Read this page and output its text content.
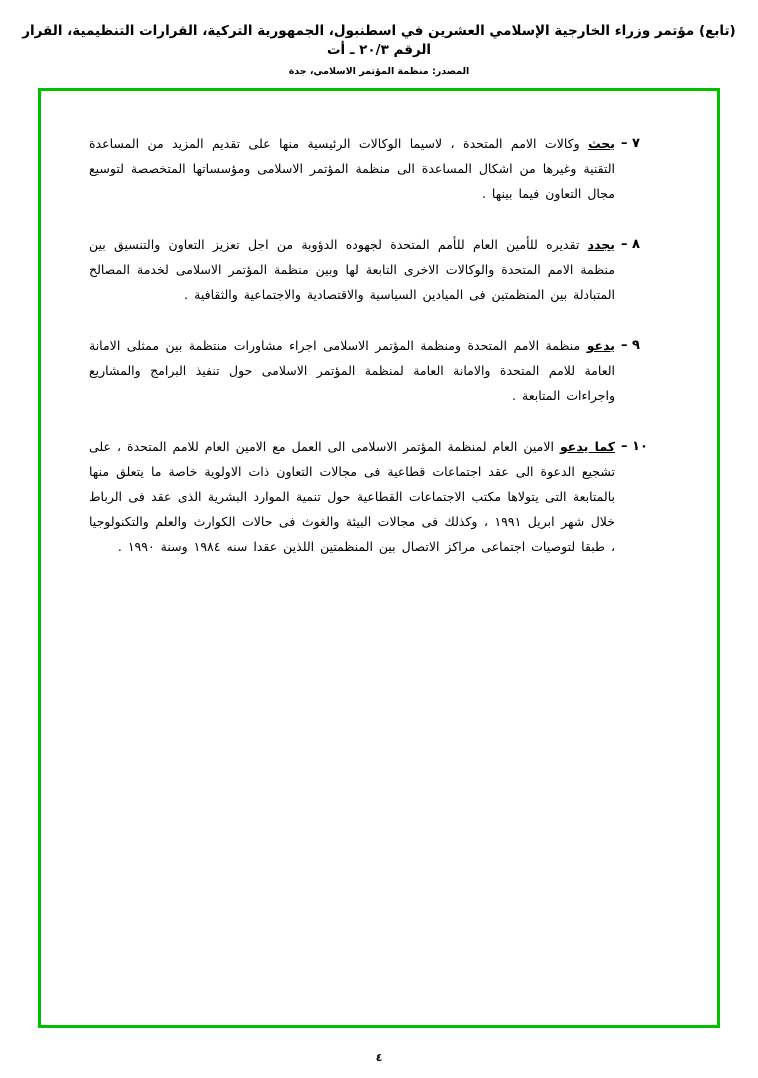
(تابع) مؤتمر وزراء الخارجية الإسلامي العشرين في اسطنبول، الجمهورية التركية، القرارات التنظيمية، القرار الرقم ٢٠/٣ ـ أت
المصدر: منظمة المؤتمر الاسلامي، جدة
٧ –
يحث وكالات الامم المتحدة ، لاسيما الوكالات الرئيسية منها على تقديم المزيد من المساعدة التقنية وغيرها من اشكال المساعدة الى منظمة المؤتمر الاسلامى ومؤسساتها المتخصصة لتوسيع مجال التعاون فيما بينها .
٨ –
يجدد تقديره للأمين العام للأمم المتحدة لجهوده الدؤوبة من اجل تعزيز التعاون والتنسيق بين منظمة الامم المتحدة والوكالات الاخرى التابعة لها وبين منظمة المؤتمر الاسلامى لخدمة المصالح المتبادلة بين المنظمتين فى الميادين السياسية والاقتصادية والاجتماعية والثقافية .
٩ –
يدعو منظمة الامم المتحدة ومنظمة المؤتمر الاسلامى اجراء مشاورات منتظمة بين ممثلى الامانة العامة للامم المتحدة والامانة العامة لمنظمة المؤتمر الاسلامى حول تنفيذ البرامج والمشاريع واجراءات المتابعة .
١٠ –
كما يدعو الامين العام لمنظمة المؤتمر الاسلامى الى العمل مع الامين العام للامم المتحدة ، على تشجيع الدعوة الى عقد اجتماعات قطاعية فى مجالات التعاون ذات الاولوية خاصة ما يتعلق منها بالمتابعة التى يتولاها مكتب الاجتماعات القطاعية حول تنمية الموارد البشرية الذى عقد فى الرباط خلال شهر ابريل ١٩٩١ ، وكذلك فى مجالات البيئة والغوث فى حالات الكوارث والعلم والتكنولوجيا ، طبقا لتوصيات اجتماعى مراكز الاتصال بين المنظمتين اللذين عقدا سنه ١٩٨٤ وسنة ١٩٩٠ .
٤
